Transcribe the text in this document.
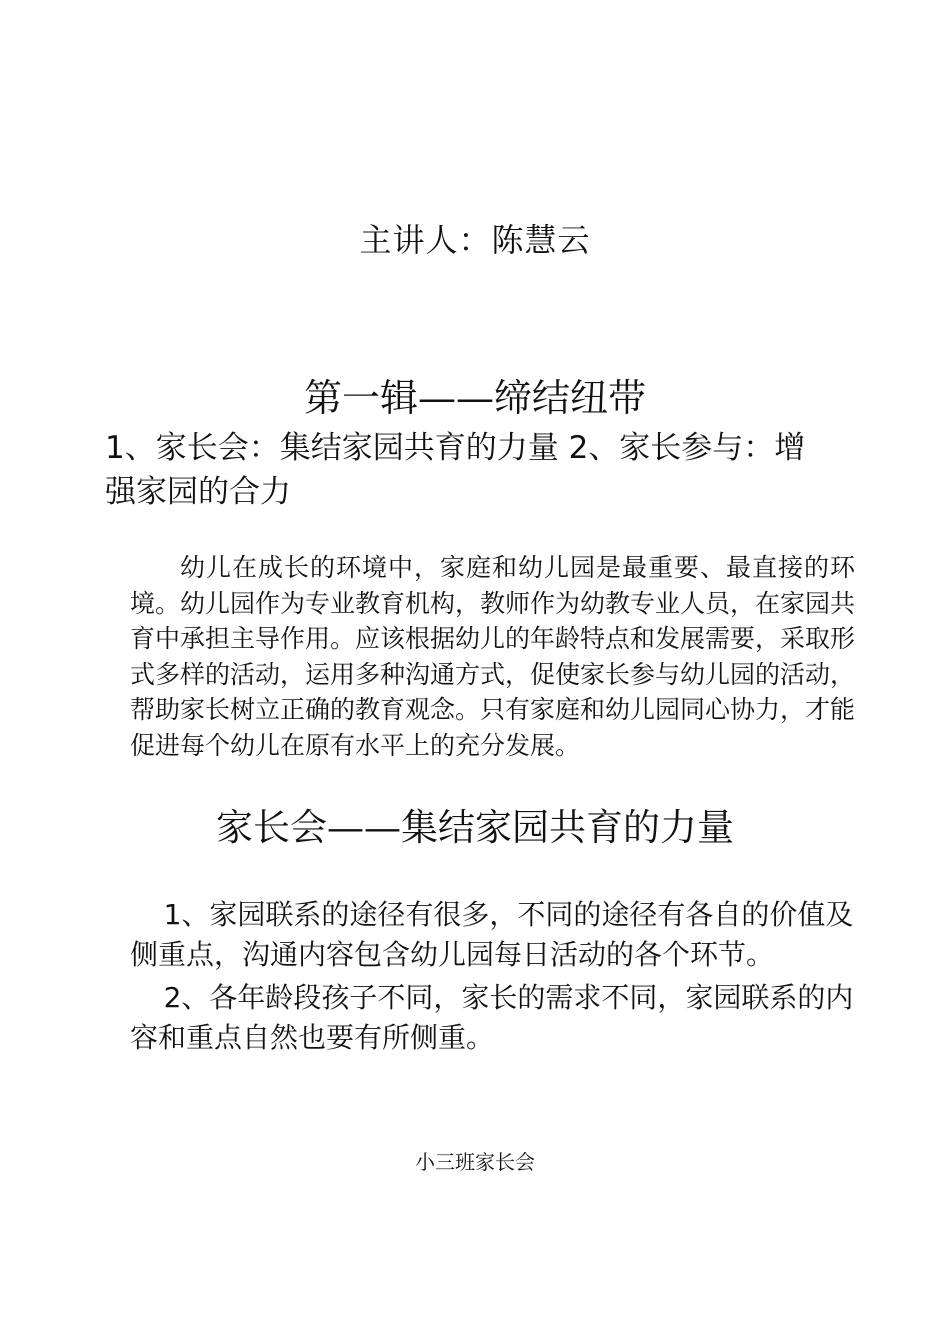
主讲人：陈慧云
第一辑——缔结纽带
1、家长会：集结家园共育的力量 2、家长参与：增强家园的合力

幼儿在成长的环境中，家庭和幼儿园是最重要、最直接的环境。幼儿园作为专业教育机构，教师作为幼教专业人员，在家园共育中承担主导作用。应该根据幼儿的年龄特点和发展需要，采取形式多样的活动，运用多种沟通方式，促使家长参与幼儿园的活动，帮助家长树立正确的教育观念。只有家庭和幼儿园同心协力，才能促进每个幼儿在原有水平上的充分发展。

家长会——集结家园共育的力量

1、家园联系的途径有很多，不同的途径有各自的价值及侧重点，沟通内容包含幼儿园每日活动的各个环节。

2、各年龄段孩子不同，家长的需求不同，家园联系的内容和重点自然也要有所侧重。

小三班家长会
